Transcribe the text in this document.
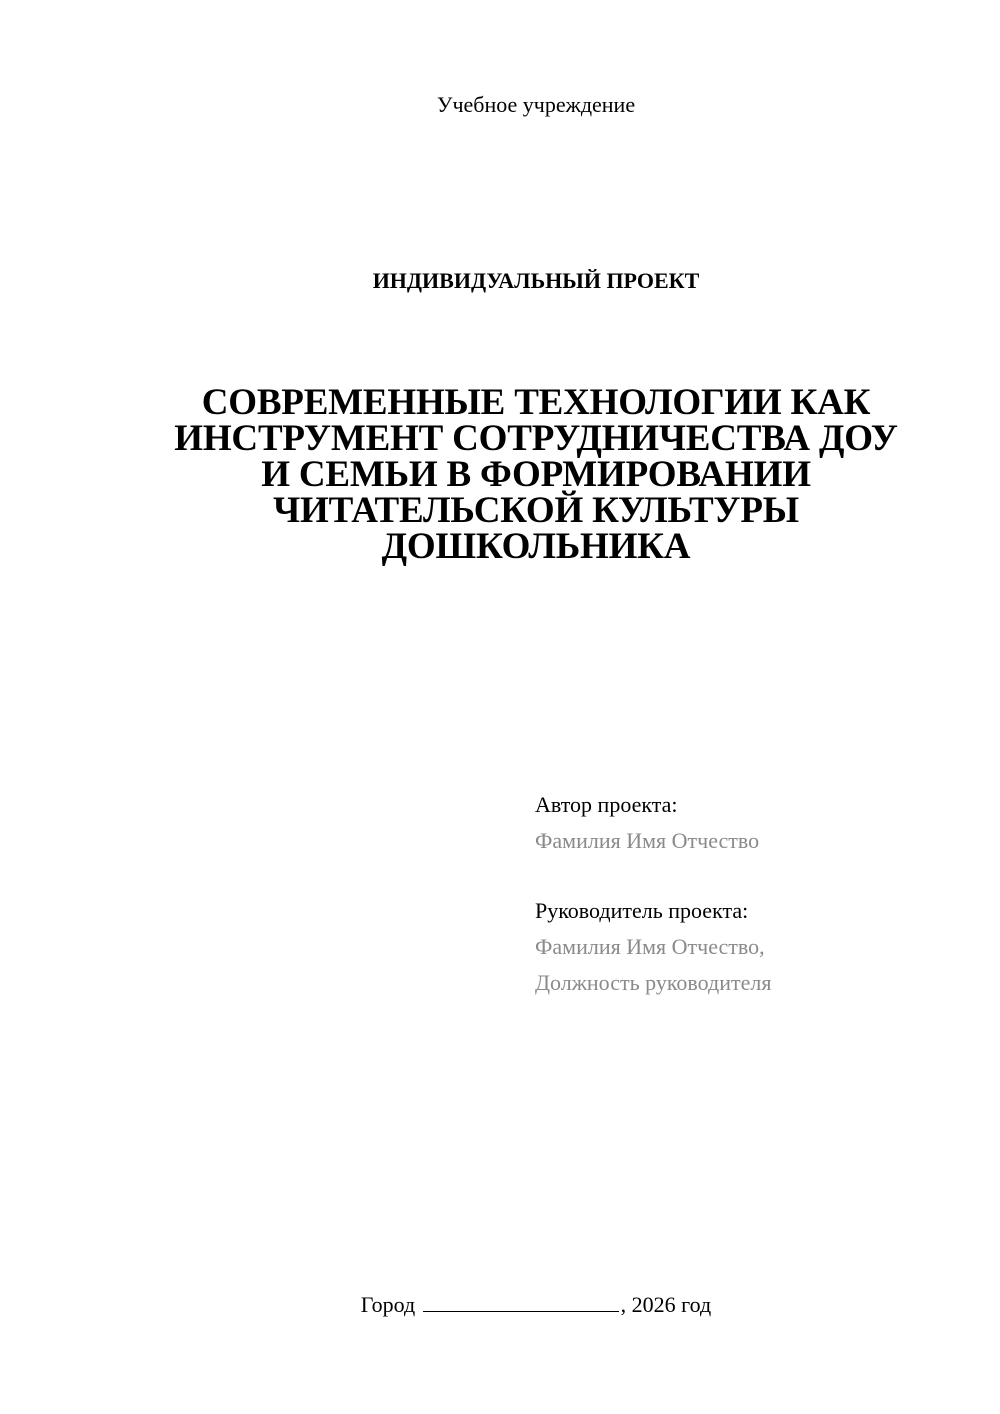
Учебное учреждение
ИНДИВИДУАЛЬНЫЙ ПРОЕКТ
СОВРЕМЕННЫЕ ТЕХНОЛОГИИ КАК
ИНСТРУМЕНТ СОТРУДНИЧЕСТВА ДОУ
И СЕМЬИ В ФОРМИРОВАНИИ
ЧИТАТЕЛЬСКОЙ КУЛЬТУРЫ
ДОШКОЛЬНИКА
Автор проекта:
Фамилия Имя Отчество
Руководитель проекта:
Фамилия Имя Отчество,
Должность руководителя
Город	, 2026 год
